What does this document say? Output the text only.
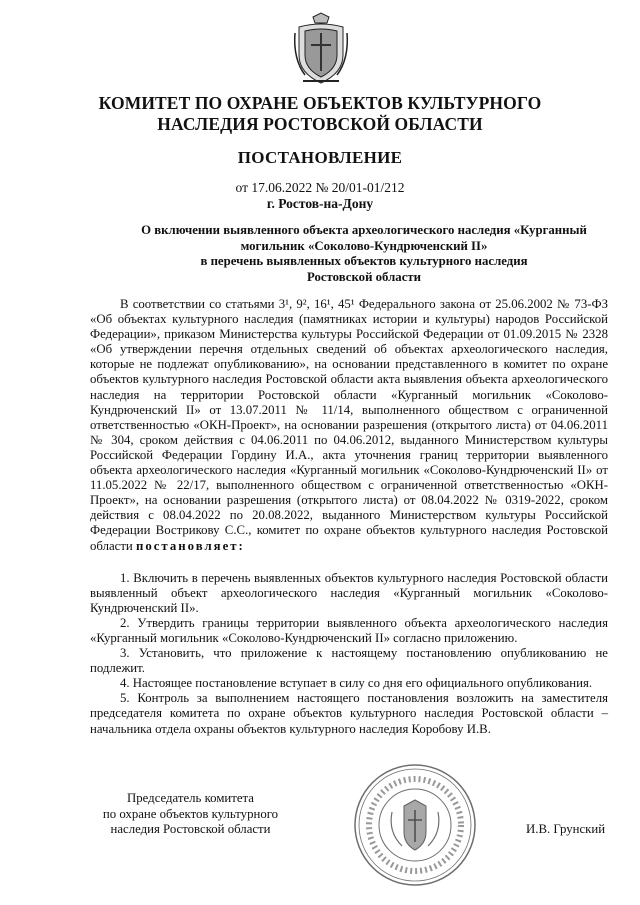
КОМИТЕТ ПО ОХРАНЕ ОБЪЕКТОВ КУЛЬТУРНОГО
НАСЛЕДИЯ РОСТОВСКОЙ ОБЛАСТИ
ПОСТАНОВЛЕНИЕ
от 17.06.2022 № 20/01-01/212
г. Ростов-на-Дону
О включении выявленного объекта археологического наследия «Курганный
могильник «Соколово-Кундрюченский II»
в перечень выявленных объектов культурного наследия
Ростовской области

В соответствии со статьями 3¹, 9², 16¹, 45¹ Федерального закона от 25.06.2002 № 73-ФЗ «Об объектах культурного наследия (памятниках истории и культуры) народов Российской Федерации», приказом Министерства культуры Российской Федерации от 01.09.2015 № 2328 «Об утверждении перечня отдельных сведений об объектах археологического наследия, которые не подлежат опубликованию», на основании представленного в комитет по охране объектов культурного наследия Ростовской области акта выявления объекта археологического наследия на территории Ростовской области «Курганный могильник «Соколово-Кундрюченский II» от 13.07.2011 № 11/14, выполненного обществом с ограниченной ответственностью «ОКН-Проект», на основании разрешения (открытого листа) от 04.06.2011 № 304, сроком действия с 04.06.2011 по 04.06.2012, выданного Министерством культуры Российской Федерации Гордину И.А., акта уточнения границ территории выявленного объекта археологического наследия «Курганный могильник «Соколово-Кундрюченский II» от 11.05.2022 № 22/17, выполненного обществом с ограниченной ответственностью «ОКН-Проект», на основании разрешения (открытого листа) от 08.04.2022 № 0319-2022, сроком действия с 08.04.2022 по 20.08.2022, выданного Министерством культуры Российской Федерации Вострикову С.С., комитет по охране объектов культурного наследия Ростовской области постановляет:

1. Включить в перечень выявленных объектов культурного наследия Ростовской области выявленный объект археологического наследия «Курганный могильник «Соколово-Кундрюченский II».

2. Утвердить границы территории выявленного объекта археологического наследия «Курганный могильник «Соколово-Кундрюченский II» согласно приложению.

3. Установить, что приложение к настоящему постановлению опубликованию не подлежит.

4. Настоящее постановление вступает в силу со дня его официального опубликования.

5. Контроль за выполнением настоящего постановления возложить на заместителя председателя комитета по охране объектов культурного наследия Ростовской области – начальника отдела охраны объектов культурного наследия Коробову И.В.

Председатель комитета
по охране объектов культурного
наследия Ростовской области	И.В. Грунский
